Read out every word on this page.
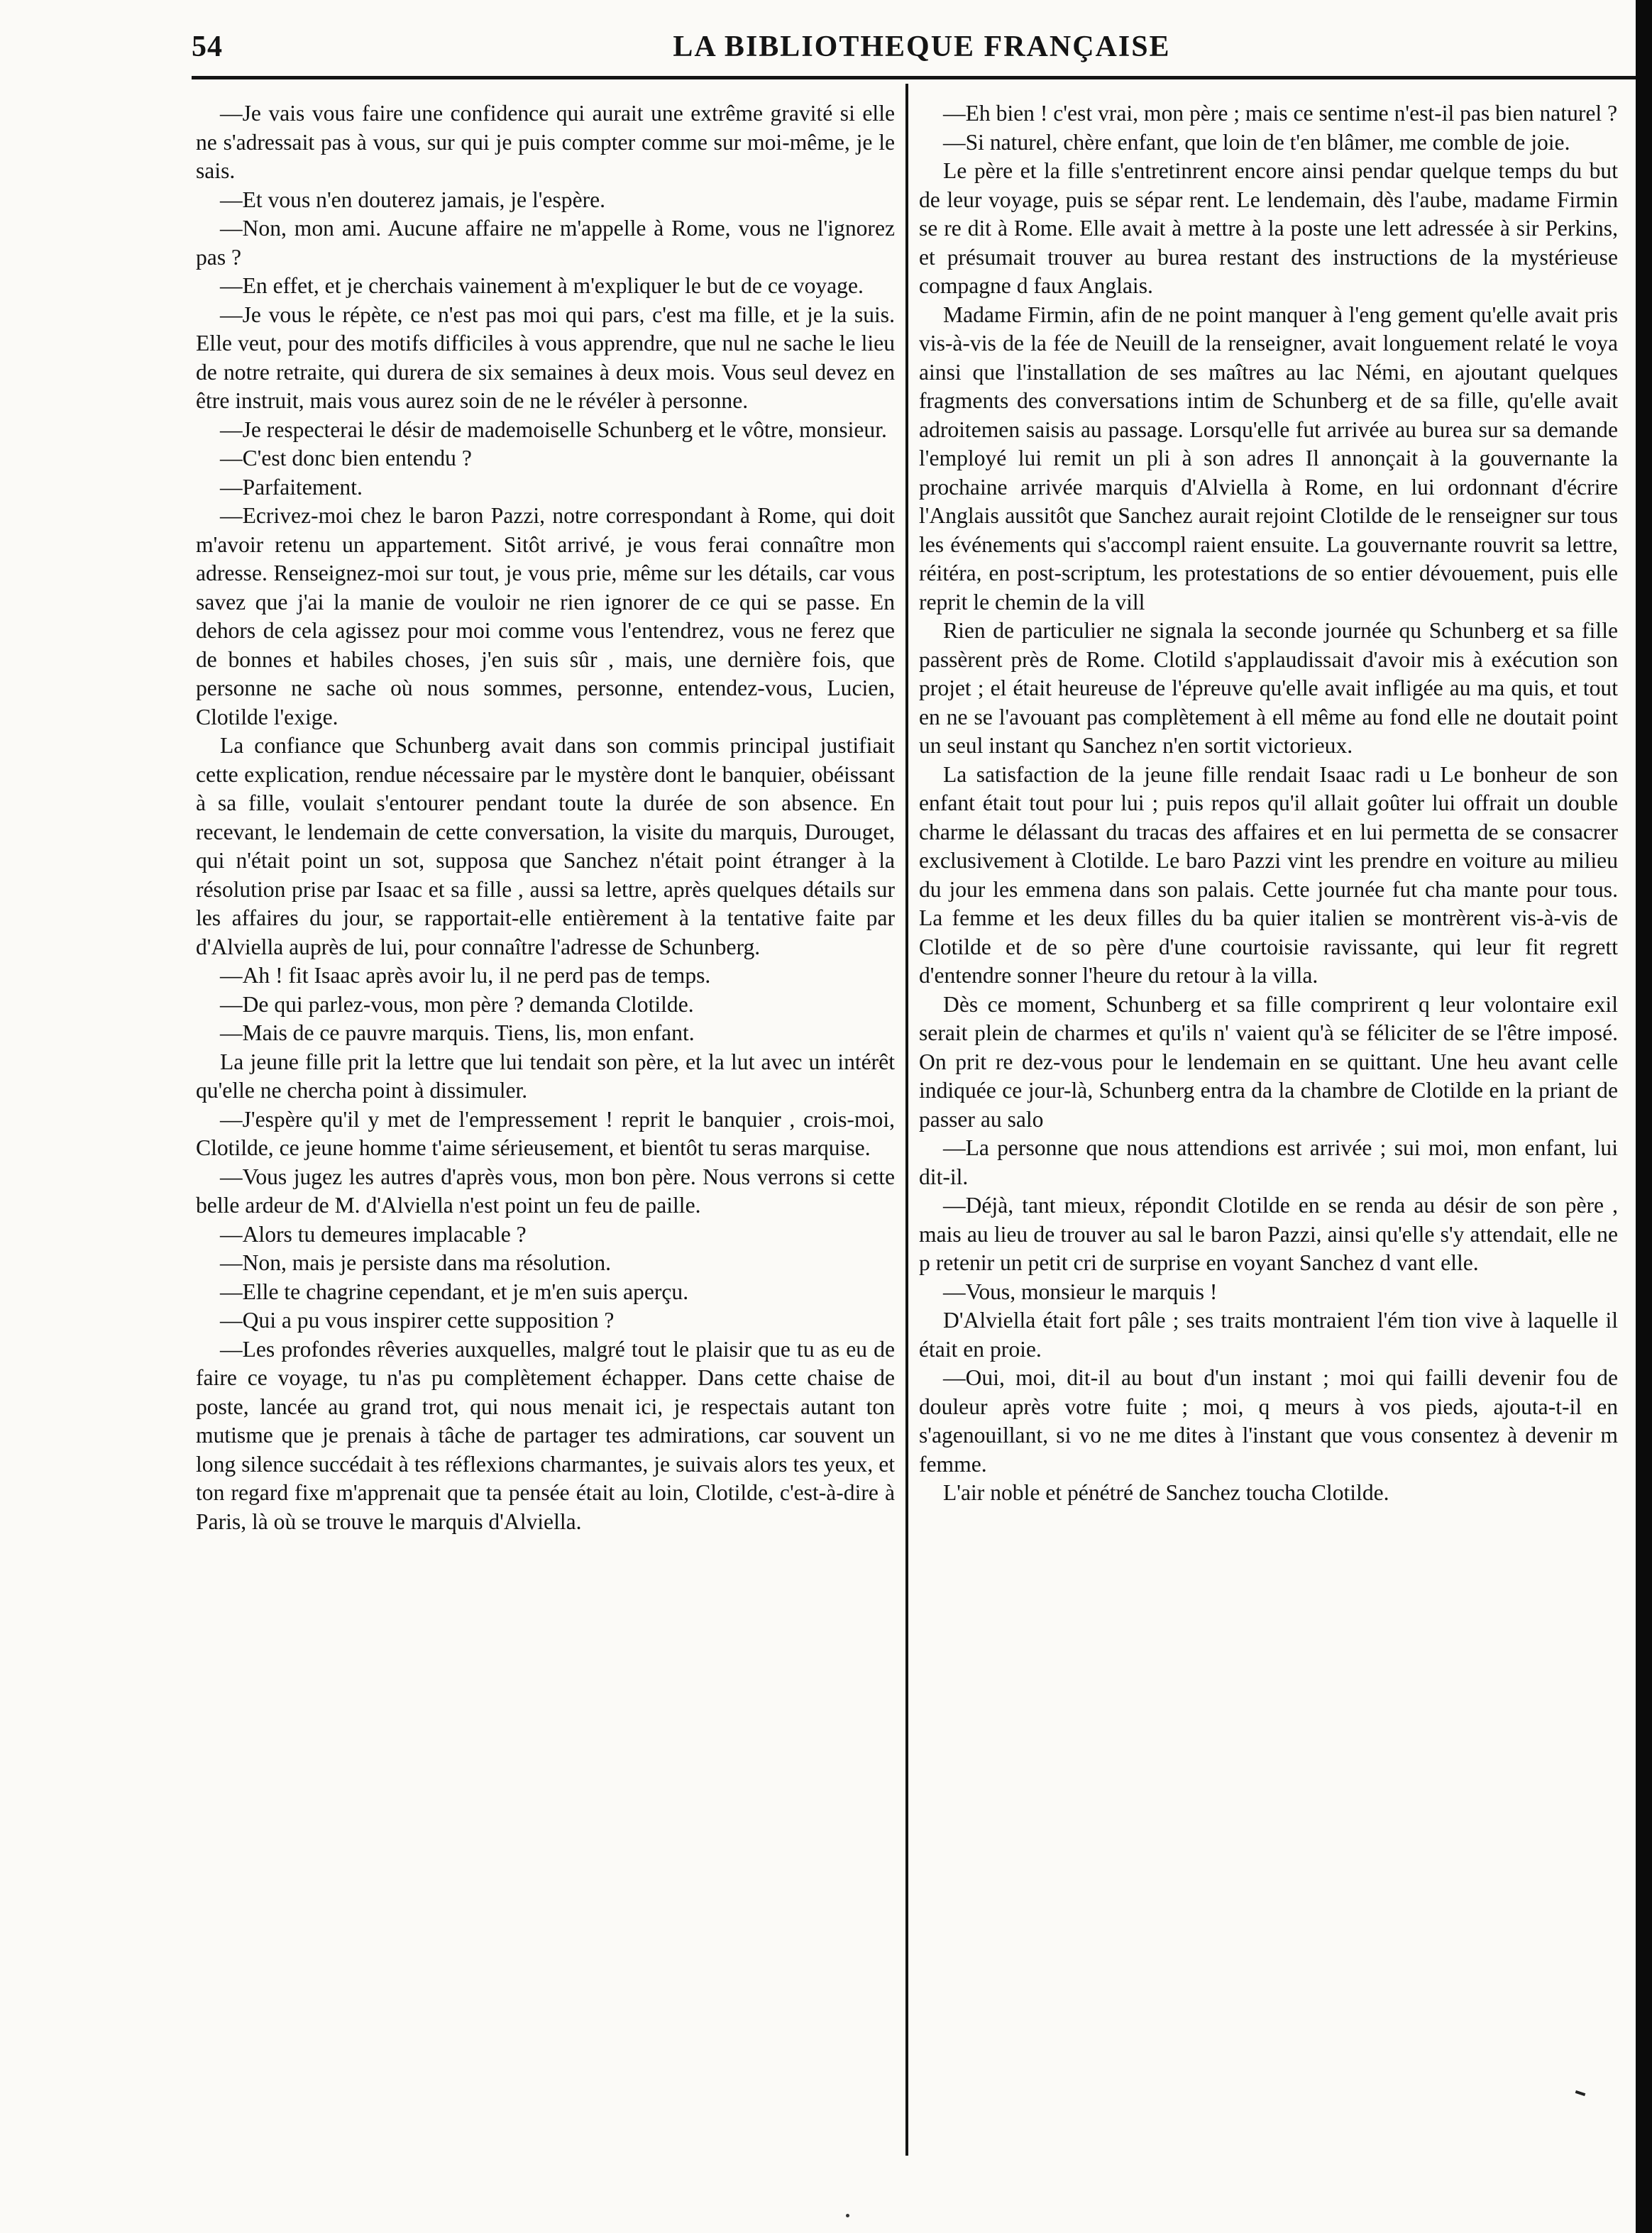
54	LA BIBLIOTHEQUE FRANÇAISE

—Je vais vous faire une confidence qui aurait une extrême gravité si elle ne s'adressait pas à vous, sur qui je puis compter comme sur moi-même, je le sais.

—Et vous n'en douterez jamais, je l'espère.

—Non, mon ami. Aucune affaire ne m'appelle à Rome, vous ne l'ignorez pas ?

—En effet, et je cherchais vainement à m'expliquer le but de ce voyage.

—Je vous le répète, ce n'est pas moi qui pars, c'est ma fille, et je la suis. Elle veut, pour des motifs difficiles à vous apprendre, que nul ne sache le lieu de notre retraite, qui durera de six semaines à deux mois. Vous seul devez en être instruit, mais vous aurez soin de ne le révéler à personne.

—Je respecterai le désir de mademoiselle Schunberg et le vôtre, monsieur.

—C'est donc bien entendu ?

—Parfaitement.

—Ecrivez-moi chez le baron Pazzi, notre correspondant à Rome, qui doit m'avoir retenu un appartement. Sitôt arrivé, je vous ferai connaître mon adresse. Renseignez-moi sur tout, je vous prie, même sur les détails, car vous savez que j'ai la manie de vouloir ne rien ignorer de ce qui se passe. En dehors de cela agissez pour moi comme vous l'entendrez, vous ne ferez que de bonnes et habiles choses, j'en suis sûr , mais, une dernière fois, que personne ne sache où nous sommes, personne, entendez-vous, Lucien, Clotilde l'exige.

La confiance que Schunberg avait dans son commis principal justifiait cette explication, rendue nécessaire par le mystère dont le banquier, obéissant à sa fille, voulait s'entourer pendant toute la durée de son absence. En recevant, le lendemain de cette conversation, la visite du marquis, Durouget, qui n'était point un sot, supposa que Sanchez n'était point étranger à la résolution prise par Isaac et sa fille , aussi sa lettre, après quelques détails sur les affaires du jour, se rapportait-elle entièrement à la tentative faite par d'Alviella auprès de lui, pour connaître l'adresse de Schunberg.

—Ah ! fit Isaac après avoir lu, il ne perd pas de temps.

—De qui parlez-vous, mon père ? demanda Clotilde.

—Mais de ce pauvre marquis. Tiens, lis, mon enfant.

La jeune fille prit la lettre que lui tendait son père, et la lut avec un intérêt qu'elle ne chercha point à dissimuler.

—J'espère qu'il y met de l'empressement ! reprit le banquier , crois-moi, Clotilde, ce jeune homme t'aime sérieusement, et bientôt tu seras marquise.

—Vous jugez les autres d'après vous, mon bon père. Nous verrons si cette belle ardeur de M. d'Alviella n'est point un feu de paille.

—Alors tu demeures implacable ?

—Non, mais je persiste dans ma résolution.

—Elle te chagrine cependant, et je m'en suis aperçu.

—Qui a pu vous inspirer cette supposition ?

—Les profondes rêveries auxquelles, malgré tout le plaisir que tu as eu de faire ce voyage, tu n'as pu complètement échapper. Dans cette chaise de poste, lancée au grand trot, qui nous menait ici, je respectais autant ton mutisme que je prenais à tâche de partager tes admirations, car souvent un long silence succédait à tes réflexions charmantes, je suivais alors tes yeux, et ton regard fixe m'apprenait que ta pensée était au loin, Clotilde, c'est-à-dire à Paris, là où se trouve le marquis d'Alviella.

—Eh bien ! c'est vrai, mon père ; mais ce sentime n'est-il pas bien naturel ?

—Si naturel, chère enfant, que loin de t'en blâmer, me comble de joie.

Le père et la fille s'entretinrent encore ainsi pendar quelque temps du but de leur voyage, puis se sépar rent. Le lendemain, dès l'aube, madame Firmin se re dit à Rome. Elle avait à mettre à la poste une lett adressée à sir Perkins, et présumait trouver au burea restant des instructions de la mystérieuse compagne d faux Anglais.

Madame Firmin, afin de ne point manquer à l'eng gement qu'elle avait pris vis-à-vis de la fée de Neuill de la renseigner, avait longuement relaté le voya ainsi que l'installation de ses maîtres au lac Némi, en ajoutant quelques fragments des conversations intim de Schunberg et de sa fille, qu'elle avait adroitemen saisis au passage. Lorsqu'elle fut arrivée au burea sur sa demande l'employé lui remit un pli à son adres Il annonçait à la gouvernante la prochaine arrivée marquis d'Alviella à Rome, en lui ordonnant d'écrire l'Anglais aussitôt que Sanchez aurait rejoint Clotilde de le renseigner sur tous les événements qui s'accompl raient ensuite. La gouvernante rouvrit sa lettre, réitéra, en post-scriptum, les protestations de so entier dévouement, puis elle reprit le chemin de la vill

Rien de particulier ne signala la seconde journée qu Schunberg et sa fille passèrent près de Rome. Clotild s'applaudissait d'avoir mis à exécution son projet ; el était heureuse de l'épreuve qu'elle avait infligée au ma quis, et tout en ne se l'avouant pas complètement à ell même au fond elle ne doutait point un seul instant qu Sanchez n'en sortit victorieux.

La satisfaction de la jeune fille rendait Isaac radi u Le bonheur de son enfant était tout pour lui ; puis repos qu'il allait goûter lui offrait un double charme le délassant du tracas des affaires et en lui permetta de se consacrer exclusivement à Clotilde. Le baro Pazzi vint les prendre en voiture au milieu du jour les emmena dans son palais. Cette journée fut cha mante pour tous. La femme et les deux filles du ba quier italien se montrèrent vis-à-vis de Clotilde et de so père d'une courtoisie ravissante, qui leur fit regrett d'entendre sonner l'heure du retour à la villa.

Dès ce moment, Schunberg et sa fille comprirent q leur volontaire exil serait plein de charmes et qu'ils n' vaient qu'à se féliciter de se l'être imposé. On prit re dez-vous pour le lendemain en se quittant. Une heu avant celle indiquée ce jour-là, Schunberg entra da la chambre de Clotilde en la priant de passer au salo

—La personne que nous attendions est arrivée ; sui moi, mon enfant, lui dit-il.

—Déjà, tant mieux, répondit Clotilde en se renda au désir de son père , mais au lieu de trouver au sal le baron Pazzi, ainsi qu'elle s'y attendait, elle ne p retenir un petit cri de surprise en voyant Sanchez d vant elle.

—Vous, monsieur le marquis !

D'Alviella était fort pâle ; ses traits montraient l'ém tion vive à laquelle il était en proie.

—Oui, moi, dit-il au bout d'un instant ; moi qui failli devenir fou de douleur après votre fuite ; moi, q meurs à vos pieds, ajouta-t-il en s'agenouillant, si vo ne me dites à l'instant que vous consentez à devenir m femme.

L'air noble et pénétré de Sanchez toucha Clotilde.
